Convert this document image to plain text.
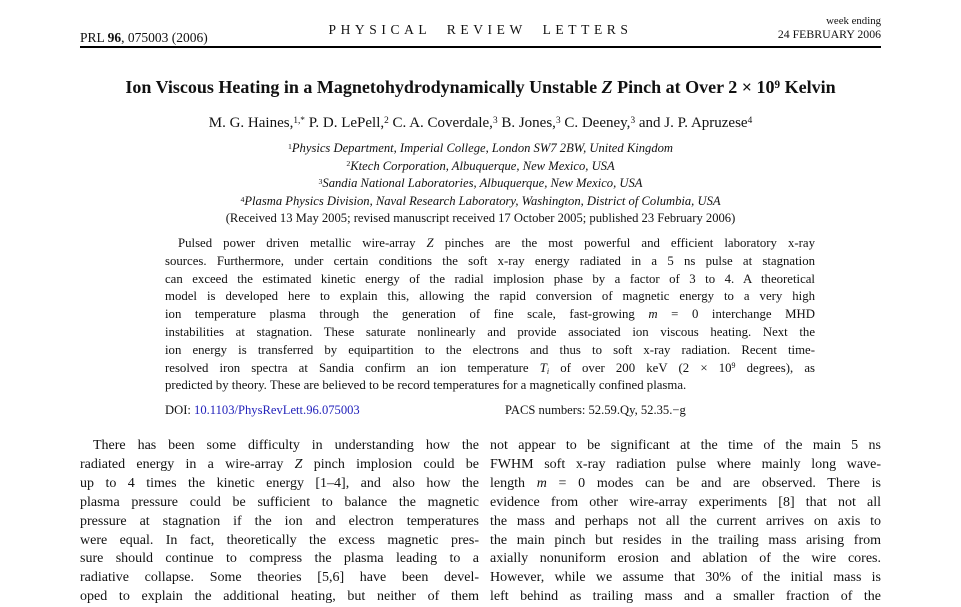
PRL 96, 075003 (2006)
PHYSICAL REVIEW LETTERS
week ending
24 FEBRUARY 2006
Ion Viscous Heating in a Magnetohydrodynamically Unstable Z Pinch at Over $2 \times 10^9$ Kelvin
M. G. Haines,$^{1,*}$ P. D. LePell,$^2$ C. A. Coverdale,$^3$ B. Jones,$^3$ C. Deeney,$^3$ and J. P. Apruzese$^4$
$^1$Physics Department, Imperial College, London SW7 2BW, United Kingdom
$^2$Ktech Corporation, Albuquerque, New Mexico, USA
$^3$Sandia National Laboratories, Albuquerque, New Mexico, USA
$^4$Plasma Physics Division, Naval Research Laboratory, Washington, District of Columbia, USA
(Received 13 May 2005; revised manuscript received 17 October 2005; published 23 February 2006)
Pulsed power driven metallic wire-array Z pinches are the most powerful and efficient laboratory x-ray
sources. Furthermore, under certain conditions the soft x-ray energy radiated in a 5 ns pulse at stagnation
can exceed the estimated kinetic energy of the radial implosion phase by a factor of 3 to 4. A theoretical
model is developed here to explain this, allowing the rapid conversion of magnetic energy to a very high
ion temperature plasma through the generation of fine scale, fast-growing m = 0 interchange MHD
instabilities at stagnation. These saturate nonlinearly and provide associated ion viscous heating. Next the
ion energy is transferred by equipartition to the electrons and thus to soft x-ray radiation. Recent time-
resolved iron spectra at Sandia confirm an ion temperature $T_i$ of over 200 keV ($2 \times 10^9$ degrees), as
predicted by theory. These are believed to be record temperatures for a magnetically confined plasma.
DOI: 10.1103/PhysRevLett.96.075003	PACS numbers: 52.59.Qy, 52.35.−g
There has been some difficulty in understanding how the
radiated energy in a wire-array Z pinch implosion could be
up to 4 times the kinetic energy [1–4], and also how the
plasma pressure could be sufficient to balance the magnetic
pressure at stagnation if the ion and electron temperatures
were equal. In fact, theoretically the excess magnetic pres-
sure should continue to compress the plasma leading to a
radiative collapse. Some theories [5,6] have been devel-
oped to explain the additional heating, but neither of them
not appear to be significant at the time of the main 5 ns
FWHM soft x-ray radiation pulse where mainly long wave-
length m = 0 modes can be and are observed. There is
evidence from other wire-array experiments [8] that not all
the mass and perhaps not all the current arrives on axis to
the main pinch but resides in the trailing mass arising from
axially nonuniform erosion and ablation of the wire cores.
However, while we assume that 30% of the initial mass is
left behind as trailing mass and a smaller fraction of the
